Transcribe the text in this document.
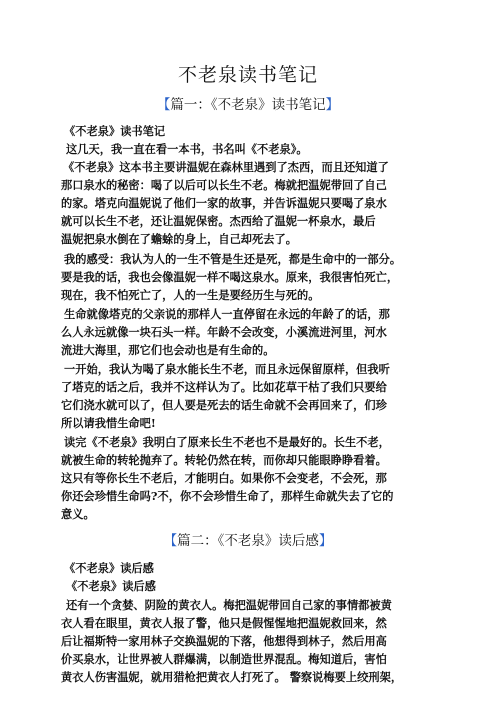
不老泉读书笔记
【篇一：《不老泉》读书笔记】
《不老泉》读书笔记
这几天，我一直在看一本书，书名叫《不老泉》。
《不老泉》这本书主要讲温妮在森林里遇到了杰西，而且还知道了
那口泉水的秘密：喝了以后可以长生不老。梅就把温妮带回了自己
的家。塔克向温妮说了他们一家的故事，并告诉温妮只要喝了泉水
就可以长生不老，还让温妮保密。杰西给了温妮一杯泉水，最后
温妮把泉水倒在了蟾蜍的身上，自己却死去了。
我的感受：我认为人的一生不管是生还是死，都是生命中的一部分。
要是我的话，我也会像温妮一样不喝这泉水。原来，我很害怕死亡，
现在，我不怕死亡了，人的一生是要经历生与死的。
生命就像塔克的父亲说的那样人一直停留在永远的年龄了的话，那
么人永远就像一块石头一样。年龄不会改变，小溪流进河里，河水
流进大海里，那它们也会动也是有生命的。
一开始，我认为喝了泉水能长生不老，而且永远保留原样，但我听
了塔克的话之后，我并不这样认为了。比如花草干枯了我们只要给
它们浇水就可以了，但人要是死去的话生命就不会再回来了，们珍
所以请我惜生命吧!
读完《不老泉》我明白了原来长生不老也不是最好的。长生不老，
就被生命的转轮抛弃了。转轮仍然在转，而你却只能眼睁睁看着。
这只有等你长生不老后，才能明白。如果你不会变老，不会死，那
你还会珍惜生命吗?不，你不会珍惜生命了，那样生命就失去了它的
意义。
【篇二：《不老泉》读后感】
《不老泉》读后感
《不老泉》读后感
还有一个贪婪、阴险的黄衣人。梅把温妮带回自己家的事情都被黄
衣人看在眼里，黄衣人报了警，他只是假惺惺地把温妮救回来，然
后让福斯特一家用林子交换温妮的下落，他想得到林子，然后用高
价买泉水，让世界被人群爆满，以制造世界混乱。梅知道后，害怕
黄衣人伤害温妮，就用猎枪把黄衣人打死了。 警察说梅要上绞刑架，
